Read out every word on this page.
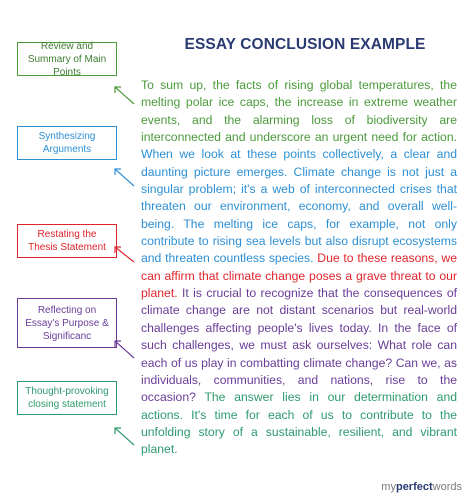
ESSAY CONCLUSION EXAMPLE
Review and Summary of Main Points
Synthesizing Arguments
Restating the Thesis Statement
Reflecting on Essay's Purpose & Significanc
Thought-provoking closing statement

To sum up, the facts of rising global temperatures, the melting polar ice caps, the increase in extreme weather events, and the alarming loss of biodiversity are interconnected and underscore an urgent need for action. When we look at these points collectively, a clear and daunting picture emerges. Climate change is not just a singular problem; it's a web of interconnected crises that threaten our environment, economy, and overall well-being. The melting ice caps, for example, not only contribute to rising sea levels but also disrupt ecosystems and threaten countless species. Due to these reasons, we can affirm that climate change poses a grave threat to our planet. It is crucial to recognize that the consequences of climate change are not distant scenarios but real-world challenges affecting people's lives today. In the face of such challenges, we must ask ourselves: What role can each of us play in combatting climate change? Can we, as individuals, communities, and nations, rise to the occasion? The answer lies in our determination and actions. It's time for each of us to contribute to the unfolding story of a sustainable, resilient, and vibrant planet.

myperfectwords
